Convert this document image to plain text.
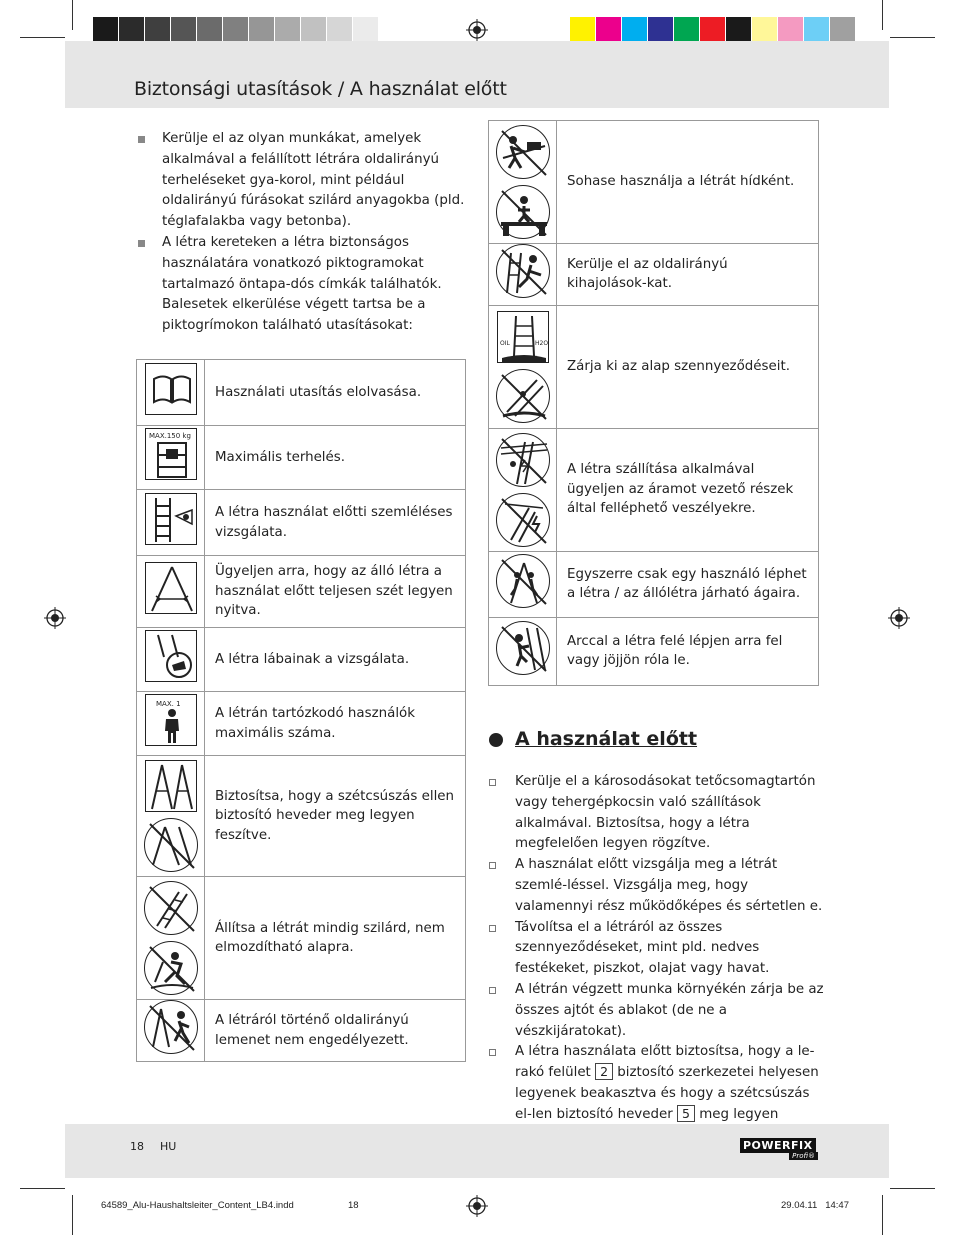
Biztonsági utasítások / A használat előtt
Kerülje el az olyan munkákat, amelyek alkalmával a felállított létrára oldalirányú terheléseket gya-korol, mint például oldalirányú fúrásokat szilárd anyagokba (pld. téglafalakba vagy betonba).
A létra kereteken a létra biztonságos használatára vonatkozó piktogramokat tartalmazó öntapa-dós címkák találhatók. Balesetek elkerülése végett tartsa be a piktogrímokon található utasításokat:
	Használati utasítás elolvasása.

MAX.150 kg	Maximális terhelés.

	A létra használat előtti szemléléses vizsgálata.

	Ügyeljen arra, hogy az álló létra a használat előtt teljesen szét legyen nyitva.

	A létra lábainak a vizsgálata.

MAX. 1	A létrán tartózkodó használók maximális száma.

	Biztosítsa, hogy a szétcsúszás ellen biztosító heveder meg legyen feszítve.

	Állítsa a létrát mindig szilárd, nem elmozdítható alapra.

	A létráról történő oldalirányú lemenet nem engedélyezett.
	Sohase használja a létrát hídként.

	Kerülje el az oldalirányú kihajolások-kat.

OIL H2O	Zárja ki az alap szennyeződéseit.

	A létra szállítása alkalmával ügyeljen az áramot vezető részek által felléphető veszélyekre.

	Egyszerre csak egy használó léphet a létra / az állólétra járható ágaira.

	Arccal a létra felé lépjen arra fel vagy jöjjön róla le.
A használat előtt
Kerülje el a károsodásokat tetőcsomagtartón vagy tehergépkocsin való szállítások alkalmával. Biztosítsa, hogy a létra megfelelően legyen rögzítve.
A használat előtt vizsgálja meg a létrát szemlé-léssel. Vizsgálja meg, hogy valamennyi rész működőképes és sértetlen e.
Távolítsa el a létráról az összes szennyeződéseket, mint pld. nedves festékeket, piszkot, olajat vagy havat.
A létrán végzett munka környékén zárja be az összes ajtót és ablakot (de ne a vészkijáratokat).
A létra használata előtt biztosítsa, hogy a le-rakó felület 2 biztosító szerkezetei helyesen legyenek beakasztva és hogy a szétcsúszás el-len biztosító heveder 5 meg legyen
18 HU	POWERFIX
Profi®
64589_Alu-Haushaltsleiter_Content_LB4.indd	18	29.04.11 14:47
